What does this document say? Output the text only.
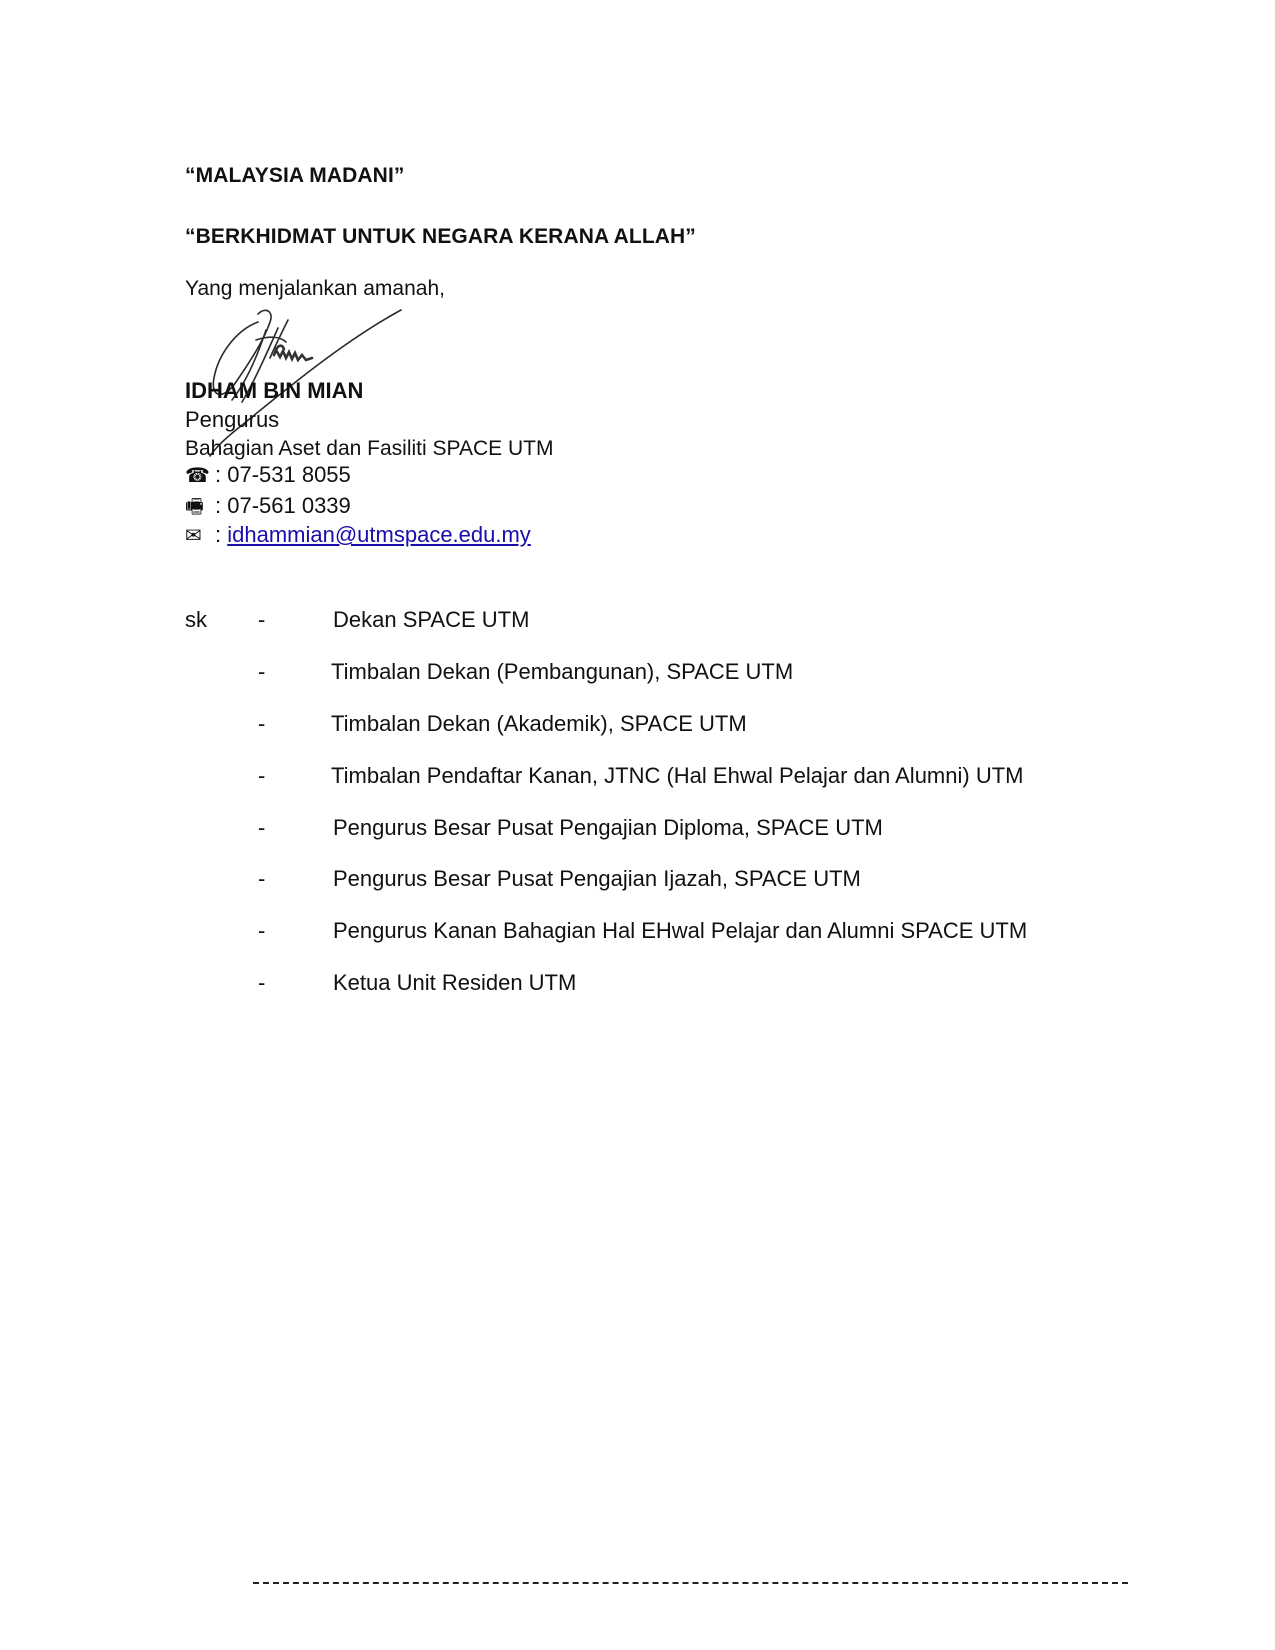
“MALAYSIA MADANI”
“BERKHIDMAT UNTUK NEGARA KERANA ALLAH”
Yang menjalankan amanah,
IDHAM BIN MIAN
Pengurus
Bahagian Aset dan Fasiliti SPACE UTM
☎ : 07-531 8055
🖷 : 07-561 0339
✉ : idhammian@utmspace.edu.my
sk -	Dekan SPACE UTM
-	Timbalan Dekan (Pembangunan), SPACE UTM
-	Timbalan Dekan (Akademik), SPACE UTM
-	Timbalan Pendaftar Kanan, JTNC (Hal Ehwal Pelajar dan Alumni) UTM
-	Pengurus Besar Pusat Pengajian Diploma, SPACE UTM
-	Pengurus Besar Pusat Pengajian Ijazah, SPACE UTM
-	Pengurus Kanan Bahagian Hal EHwal Pelajar dan Alumni SPACE UTM
-	Ketua Unit Residen UTM
